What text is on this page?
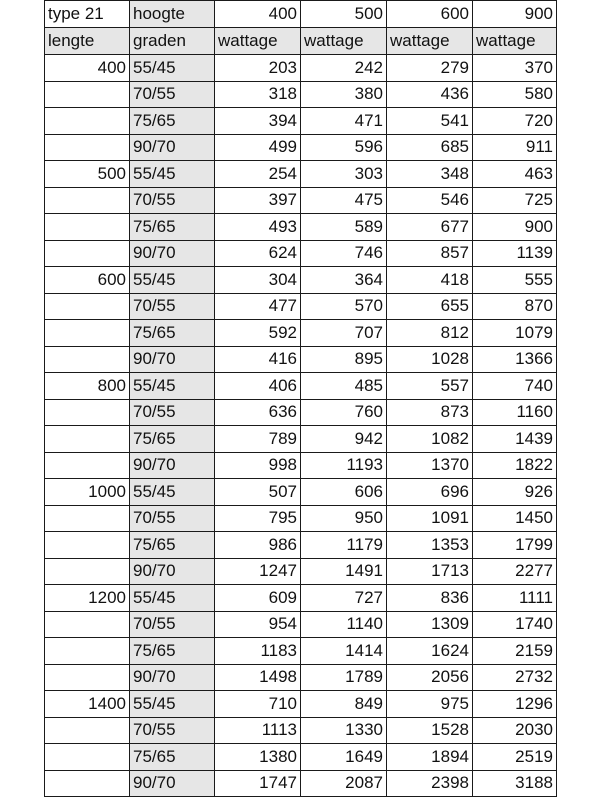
type 21	hoogte	400	500	600	900
lengte	graden	wattage	wattage	wattage	wattage
400	55/45	203	242	279	370
	70/55	318	380	436	580
	75/65	394	471	541	720
	90/70	499	596	685	911
500	55/45	254	303	348	463
	70/55	397	475	546	725
	75/65	493	589	677	900
	90/70	624	746	857	1139
600	55/45	304	364	418	555
	70/55	477	570	655	870
	75/65	592	707	812	1079
	90/70	416	895	1028	1366
800	55/45	406	485	557	740
	70/55	636	760	873	1160
	75/65	789	942	1082	1439
	90/70	998	1193	1370	1822
1000	55/45	507	606	696	926
	70/55	795	950	1091	1450
	75/65	986	1179	1353	1799
	90/70	1247	1491	1713	2277
1200	55/45	609	727	836	1111
	70/55	954	1140	1309	1740
	75/65	1183	1414	1624	2159
	90/70	1498	1789	2056	2732
1400	55/45	710	849	975	1296
	70/55	1113	1330	1528	2030
	75/65	1380	1649	1894	2519
	90/70	1747	2087	2398	3188
